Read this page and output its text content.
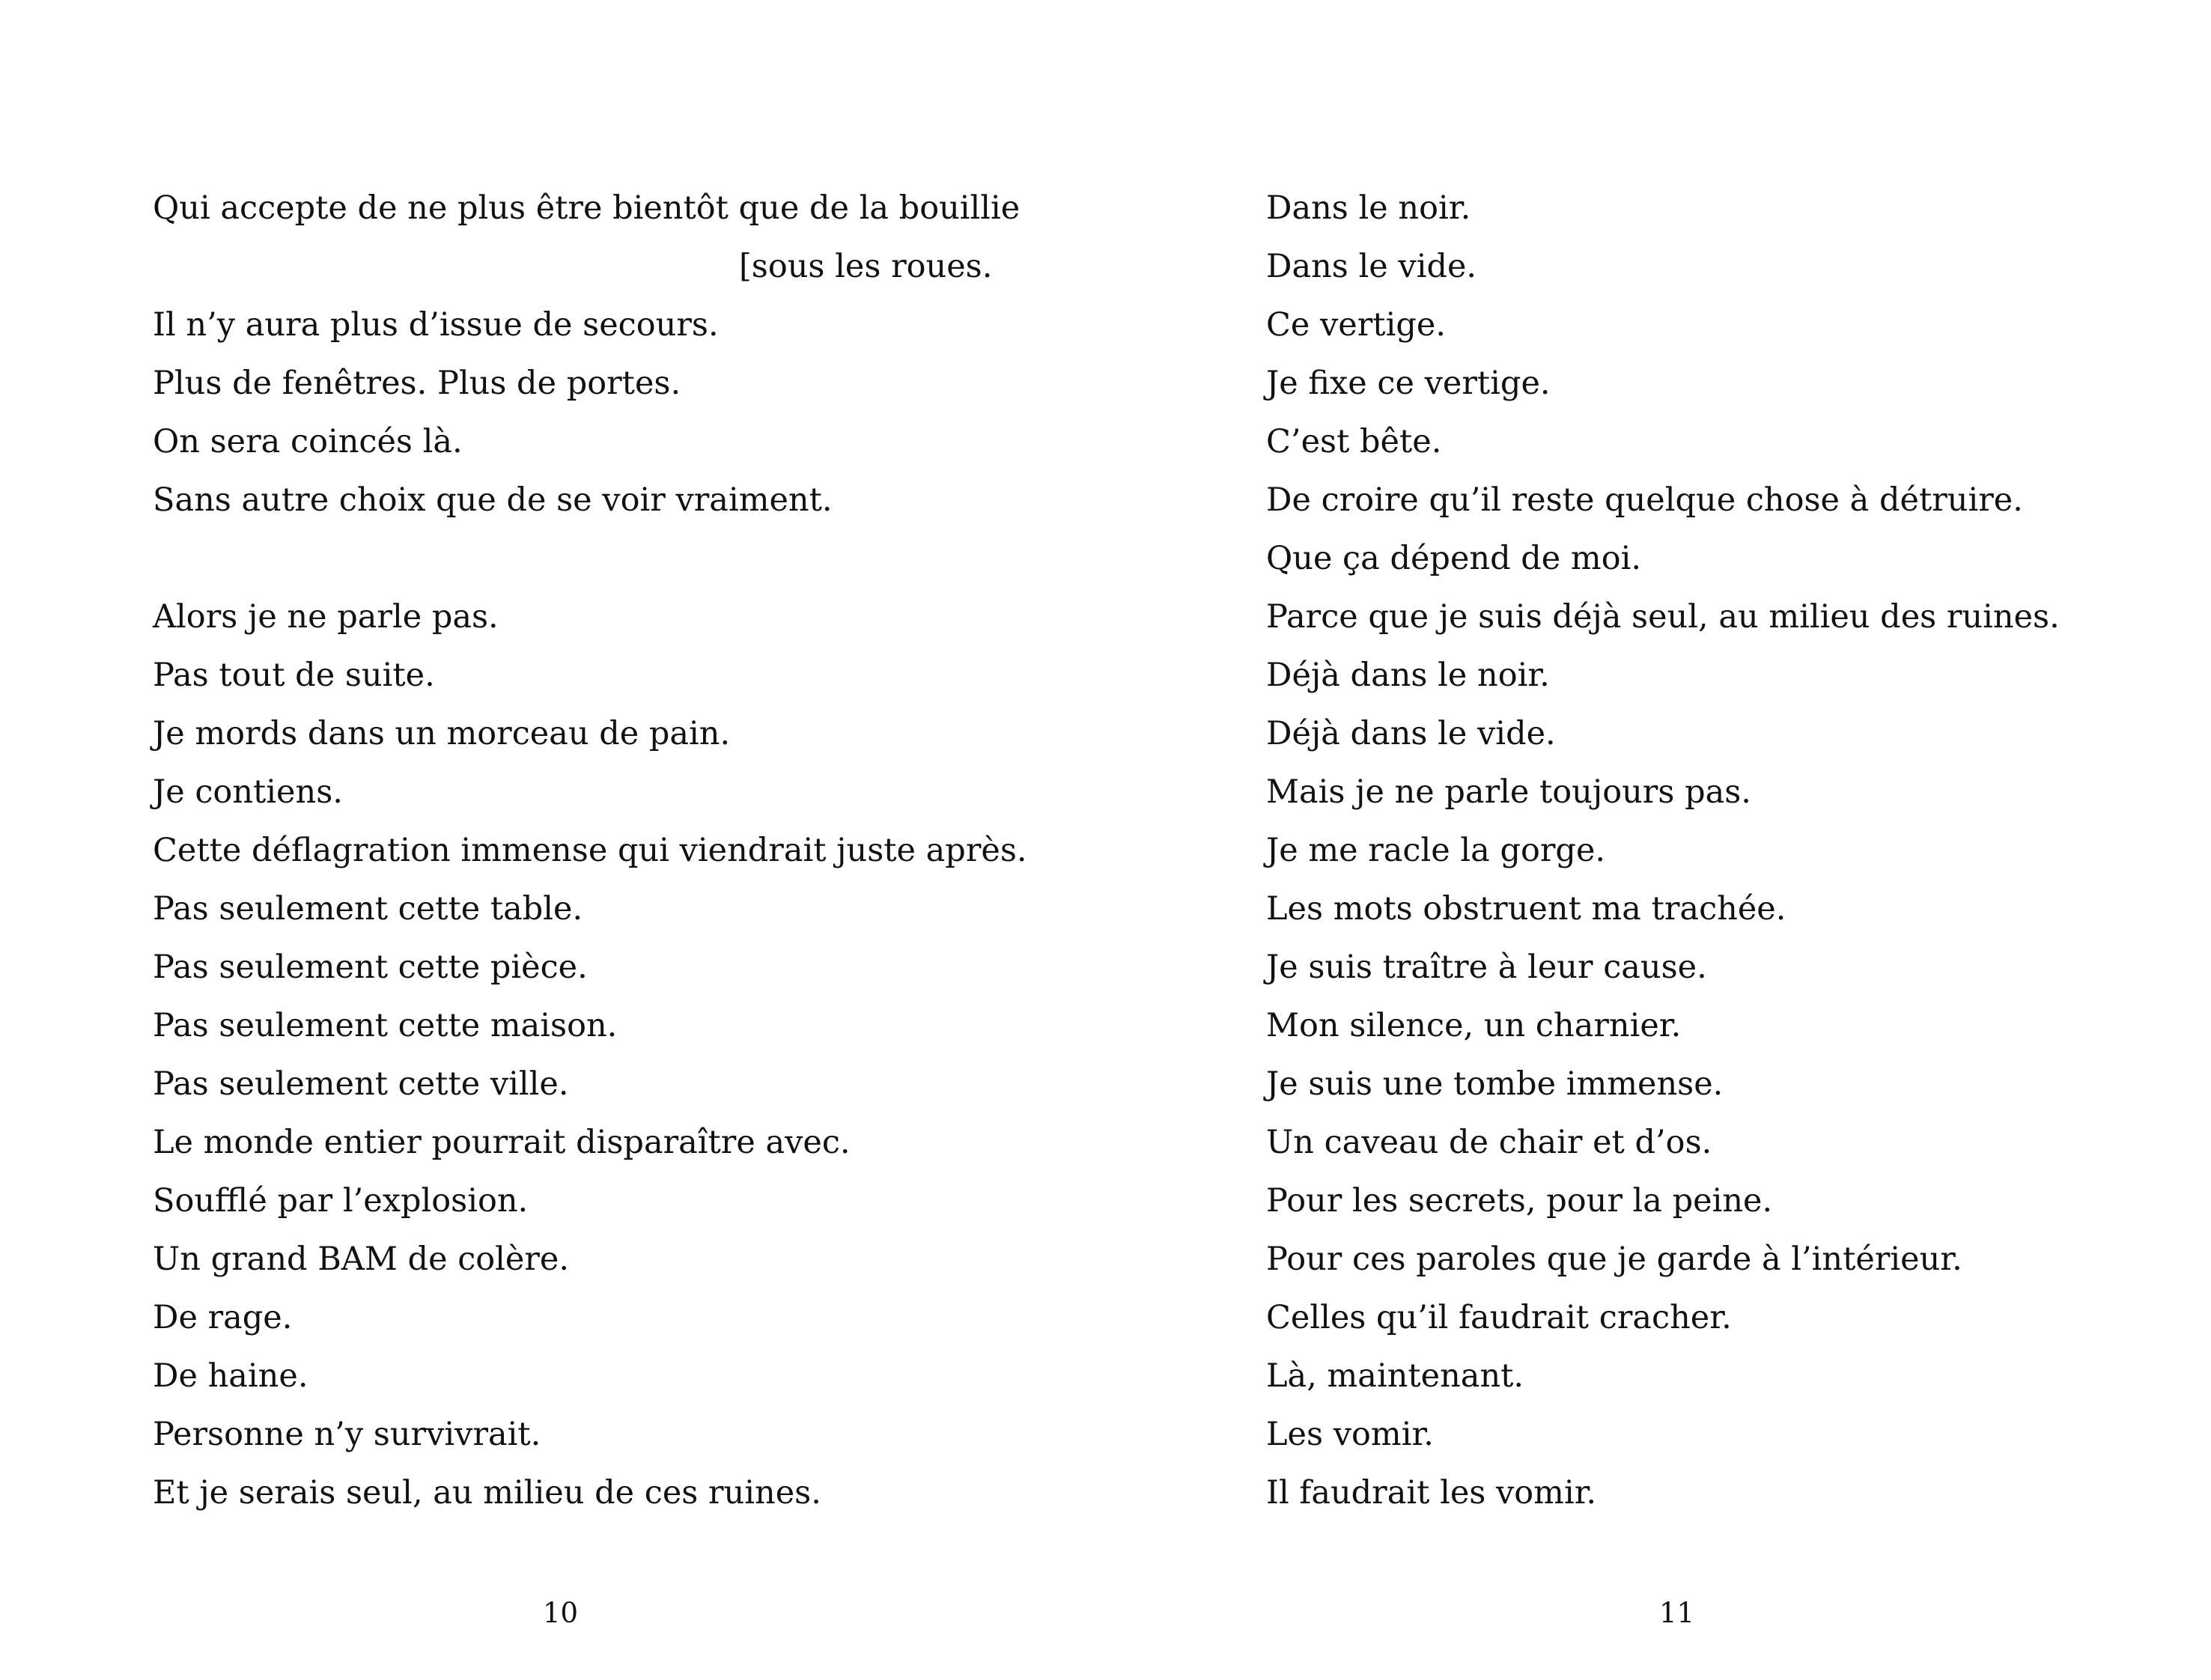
Qui accepte de ne plus être bientôt que de la bouillie
[sous les roues.
Il n’y aura plus d’issue de secours.
Plus de fenêtres. Plus de portes.
On sera coincés là.
Sans autre choix que de se voir vraiment.
Alors je ne parle pas.
Pas tout de suite.
Je mords dans un morceau de pain.
Je contiens.
Cette déflagration immense qui viendrait juste après.
Pas seulement cette table.
Pas seulement cette pièce.
Pas seulement cette maison.
Pas seulement cette ville.
Le monde entier pourrait disparaître avec.
Soufflé par l’explosion.
Un grand BAM de colère.
De rage.
De haine.
Personne n’y survivrait.
Et je serais seul, au milieu de ces ruines.
10
Dans le noir.
Dans le vide.
Ce vertige.
Je fixe ce vertige.
C’est bête.
De croire qu’il reste quelque chose à détruire.
Que ça dépend de moi.
Parce que je suis déjà seul, au milieu des ruines.
Déjà dans le noir.
Déjà dans le vide.
Mais je ne parle toujours pas.
Je me racle la gorge.
Les mots obstruent ma trachée.
Je suis traître à leur cause.
Mon silence, un charnier.
Je suis une tombe immense.
Un caveau de chair et d’os.
Pour les secrets, pour la peine.
Pour ces paroles que je garde à l’intérieur.
Celles qu’il faudrait cracher.
Là, maintenant.
Les vomir.
Il faudrait les vomir.
11
